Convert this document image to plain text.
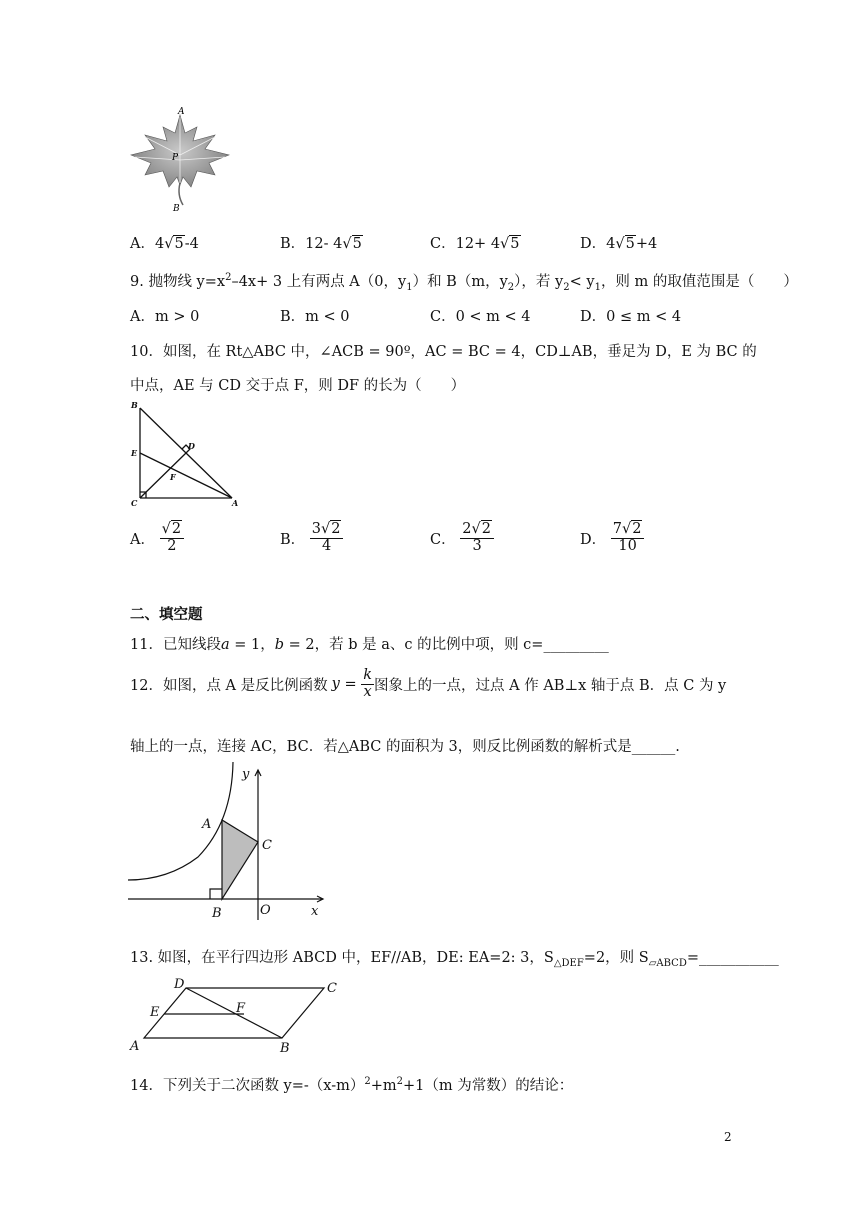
A
P
B
A．4√5-4	B．12- 4√5	C．12+ 4√5	D．4√5+4
9. 抛物线 $y=x^2-4x+ 3$ 上有两点 A（0，$y_1$）和 B（m，$y_2$），若 $y_2< y_1$，则 m 的取值范围是（　　）
A．m > 0	B．m < 0	C．0 < m < 4	D．0 ≤ m < 4
10．如图，在 Rt△ABC 中，∠ACB = 90º，AC = BC = 4，CD⊥AB，垂足为 D，E 为 BC 的
中点，AE 与 CD 交于点 F，则 DF 的长为（　　）
B
D
E
F
C	A
A． $\frac{√2}{2}$	B． $\frac{3√2}{4}$	C． $\frac{2√2}{3}$	D． $\frac{7√2}{10}$
二、填空题
11．已知线段a = 1，b = 2，若 b 是 a、c 的比例中项，则 c=_________
12．如图，点 A 是反比例函数 $y = \frac{k}{x}$ 图象上的一点，过点 A 作 AB⊥x 轴于点 B．点 C 为 y
轴上的一点，连接 AC，BC．若△ABC 的面积为 3，则反比例函数的解析式是______.
y
A
C
B	O	x
13. 如图，在平行四边形 ABCD 中，EF//AB，DE: EA=2: 3，$S_{\triangle DEF}=2$，则 $S_{▱ABCD}=\_\_\_\_\_\_\_\_\_\_\_$
D	C
E	F
A	B
14．下列关于二次函数 $y=-(x-m)^2+m^2+1(m$ 为常数）的结论：
2
